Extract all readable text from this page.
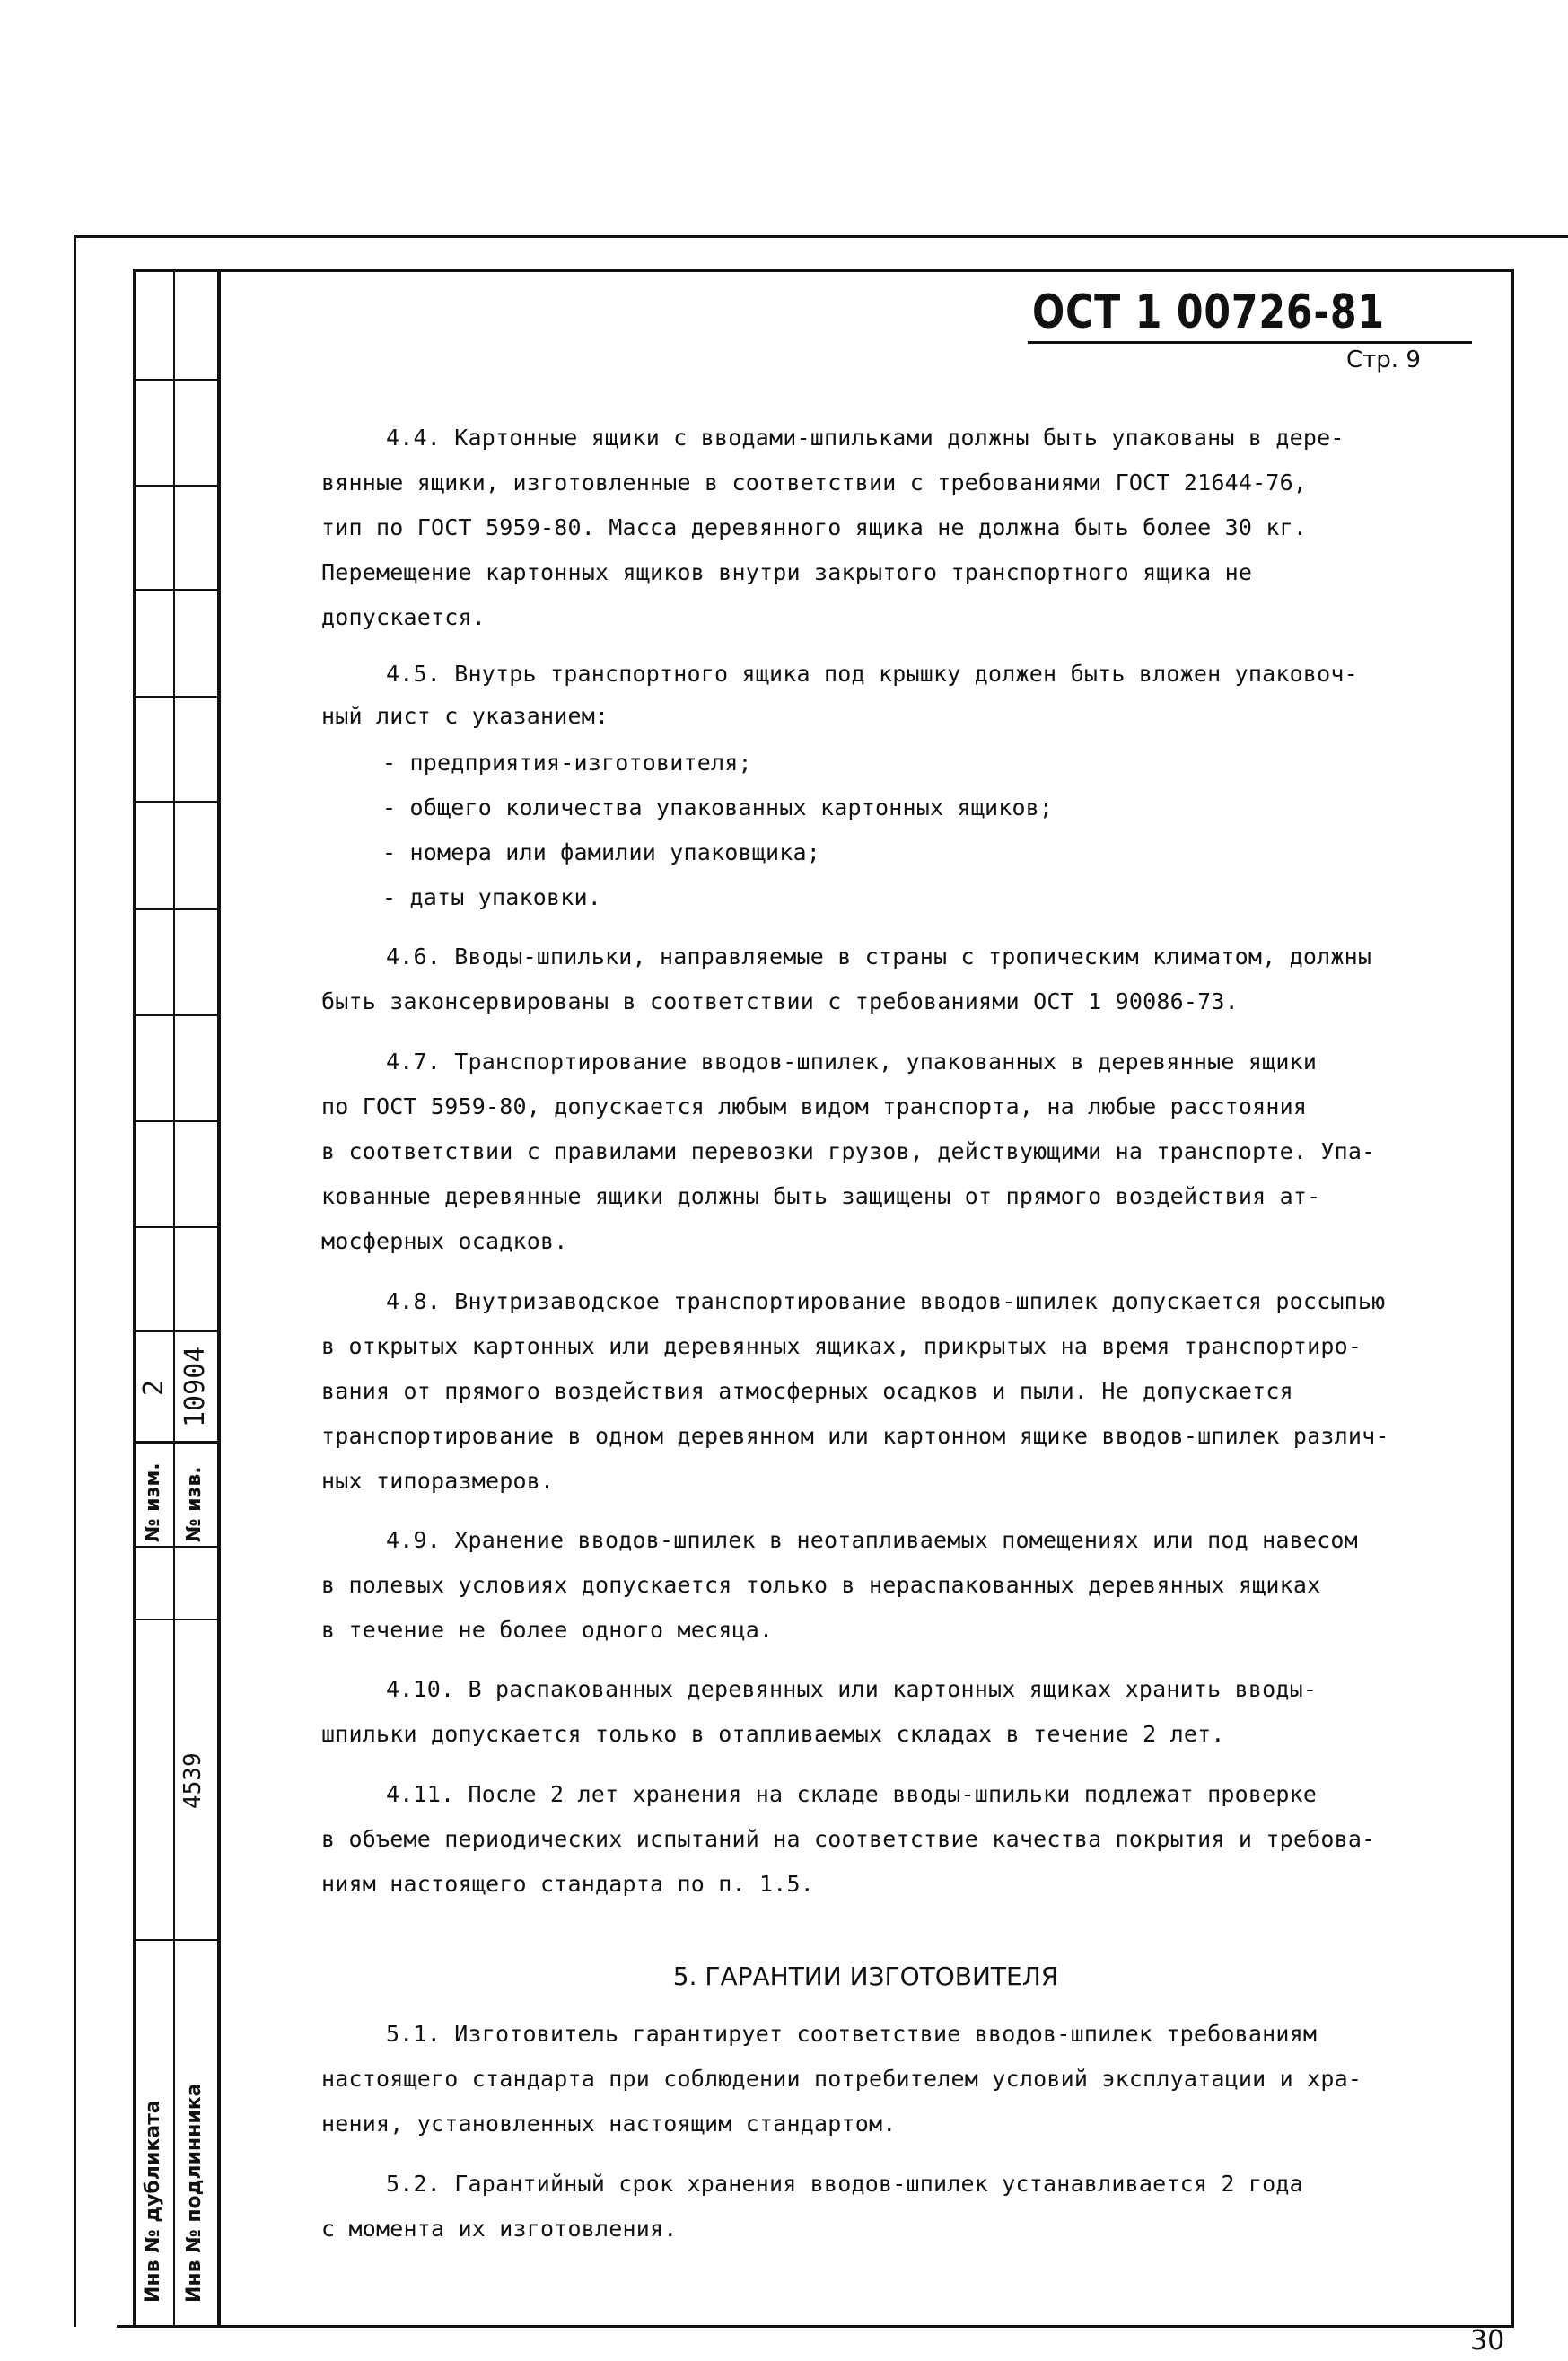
2 10904
№ изм. № изв.
4539
Инв № дубликата Инв № подлинника
ОСТ 1 00726-81
Стр. 9
4.4. Картонные ящики с вводами-шпильками должны быть упакованы в дере-
вянные ящики, изготовленные в соответствии с требованиями ГОСТ 21644-76,
тип по ГОСТ 5959-80. Масса деревянного ящика не должна быть более 30 кг.
Перемещение картонных ящиков внутри закрытого транспортного ящика не
допускается.
4.5. Внутрь транспортного ящика под крышку должен быть вложен упаковоч-
ный лист с указанием:
- предприятия-изготовителя;
- общего количества упакованных картонных ящиков;
- номера или фамилии упаковщика;
- даты упаковки.
4.6. Вводы-шпильки, направляемые в страны с тропическим климатом, должны
быть законсервированы в соответствии с требованиями ОСТ 1 90086-73.
4.7. Транспортирование вводов-шпилек, упакованных в деревянные ящики
по ГОСТ 5959-80, допускается любым видом транспорта, на любые расстояния
в соответствии с правилами перевозки грузов, действующими на транспорте. Упа-
кованные деревянные ящики должны быть защищены от прямого воздействия ат-
мосферных осадков.
4.8. Внутризаводское транспортирование вводов-шпилек допускается россыпью
в открытых картонных или деревянных ящиках, прикрытых на время транспортиро-
вания от прямого воздействия атмосферных осадков и пыли. Не допускается
транспортирование в одном деревянном или картонном ящике вводов-шпилек различ-
ных типоразмеров.
4.9. Хранение вводов-шпилек в неотапливаемых помещениях или под навесом
в полевых условиях допускается только в нераспакованных деревянных ящиках
в течение не более одного месяца.
4.10. В распакованных деревянных или картонных ящиках хранить вводы-
шпильки допускается только в отапливаемых складах в течение 2 лет.
4.11. После 2 лет хранения на складе вводы-шпильки подлежат проверке
в объеме периодических испытаний на соответствие качества покрытия и требова-
ниям настоящего стандарта по п. 1.5.
5. ГАРАНТИИ ИЗГОТОВИТЕЛЯ
5.1. Изготовитель гарантирует соответствие вводов-шпилек требованиям
настоящего стандарта при соблюдении потребителем условий эксплуатации и хра-
нения, установленных настоящим стандартом.
5.2. Гарантийный срок хранения вводов-шпилек устанавливается 2 года
с момента их изготовления.
30
